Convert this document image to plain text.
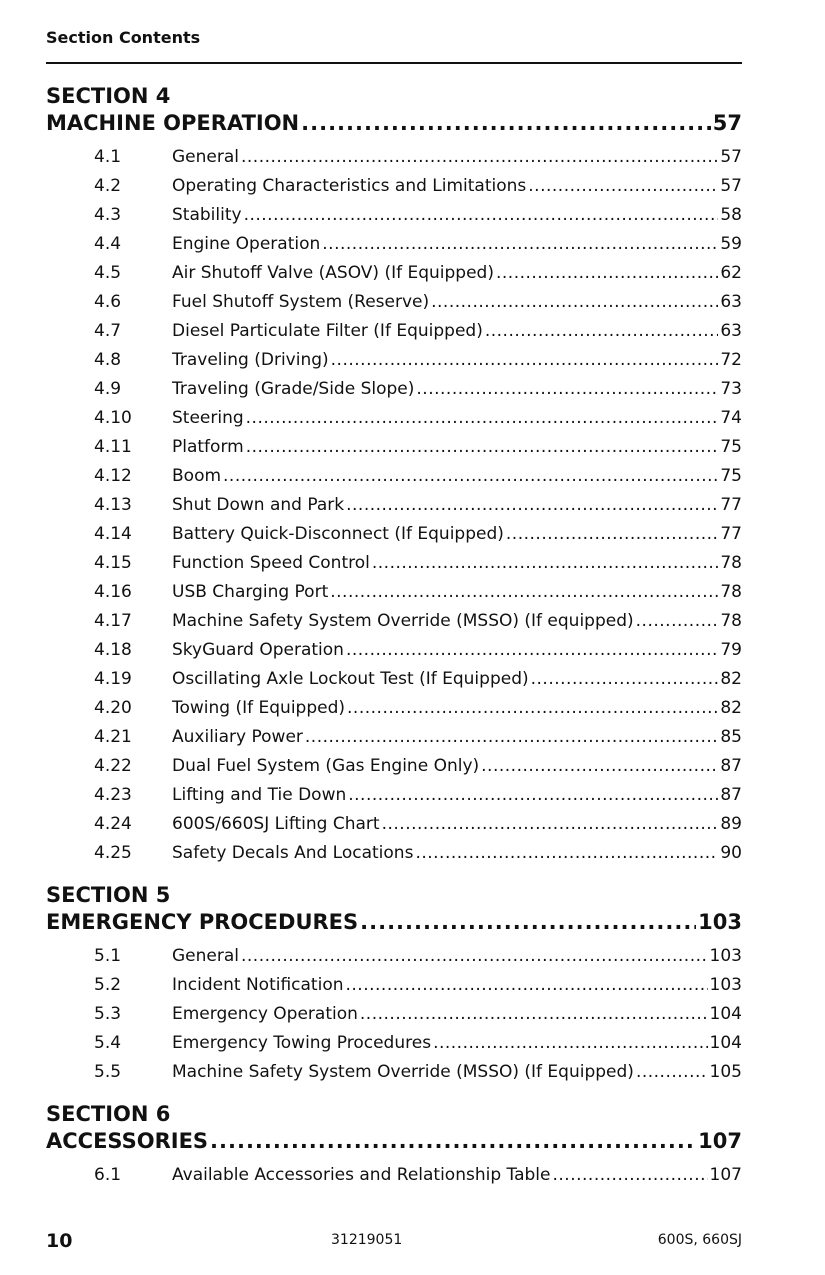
Section Contents
SECTION 4
MACHINE OPERATION .....	57
4.1	General .....	57
4.2	Operating Characteristics and Limitations .....	57
4.3	Stability .....	58
4.4	Engine Operation .....	59
4.5	Air Shutoff Valve (ASOV) (If Equipped) .....	62
4.6	Fuel Shutoff System (Reserve) .....	63
4.7	Diesel Particulate Filter (If Equipped) .....	63
4.8	Traveling (Driving) .....	72
4.9	Traveling (Grade/Side Slope) .....	73
4.10	Steering .....	74
4.11	Platform .....	75
4.12	Boom .....	75
4.13	Shut Down and Park .....	77
4.14	Battery Quick-Disconnect (If Equipped) .....	77
4.15	Function Speed Control .....	78
4.16	USB Charging Port .....	78
4.17	Machine Safety System Override (MSSO) (If equipped) .....	78
4.18	SkyGuard Operation .....	79
4.19	Oscillating Axle Lockout Test (If Equipped) .....	82
4.20	Towing (If Equipped) .....	82
4.21	Auxiliary Power .....	85
4.22	Dual Fuel System (Gas Engine Only) .....	87
4.23	Lifting and Tie Down .....	87
4.24	600S/660SJ Lifting Chart .....	89
4.25	Safety Decals And Locations .....	90
SECTION 5
EMERGENCY PROCEDURES .....	103
5.1	General .....	103
5.2	Incident Notification .....	103
5.3	Emergency Operation .....	104
5.4	Emergency Towing Procedures .....	104
5.5	Machine Safety System Override (MSSO) (If Equipped) .....	105
SECTION 6
ACCESSORIES .....	107
6.1	Available Accessories and Relationship Table .....	107
10	31219051	600S, 660SJ
